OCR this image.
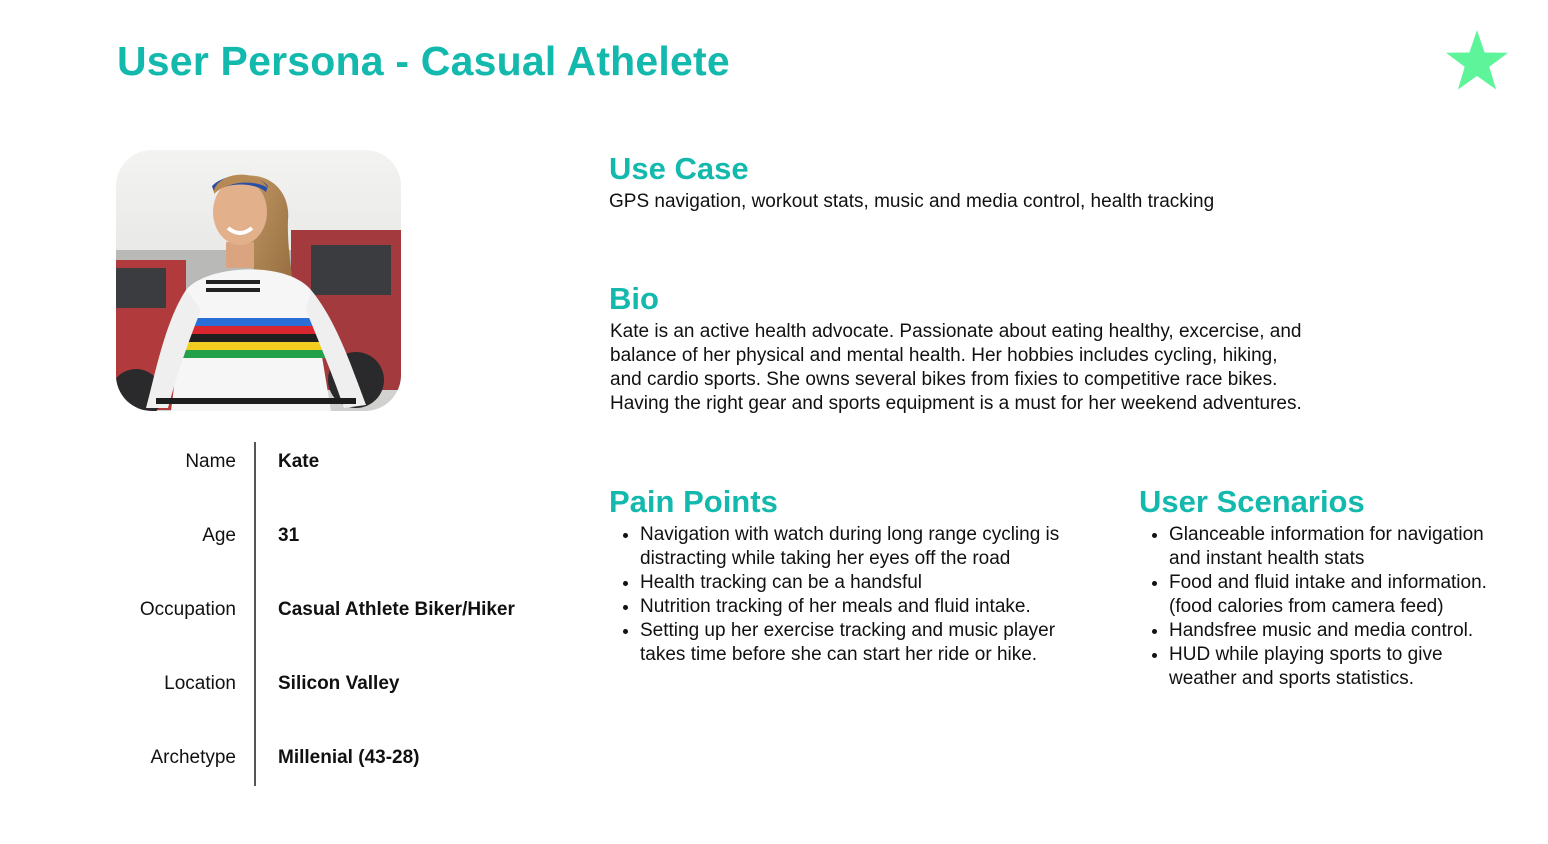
User Persona - Casual Athelete
Name Kate
Age 31
Occupation Casual Athlete Biker/Hiker
Location Silicon Valley
Archetype Millenial (43-28)
Use Case
GPS navigation, workout stats, music and media control, health tracking
Bio
Kate is an active health advocate. Passionate about eating healthy, excercise, and
balance of her physical and mental health. Her hobbies includes cycling, hiking,
and cardio sports. She owns several bikes from fixies to competitive race bikes.
Having the right gear and sports equipment is a must for her weekend adventures.
Pain Points
• Navigation with watch during long range cycling is distracting while taking her eyes off the road
• Health tracking can be a handsful
• Nutrition tracking of her meals and fluid intake.
• Setting up her exercise tracking and music player takes time before she can start her ride or hike.
User Scenarios
• Glanceable information for navigation and instant health stats
• Food and fluid intake and information. (food calories from camera feed)
• Handsfree music and media control.
• HUD while playing sports to give weather and sports statistics.
